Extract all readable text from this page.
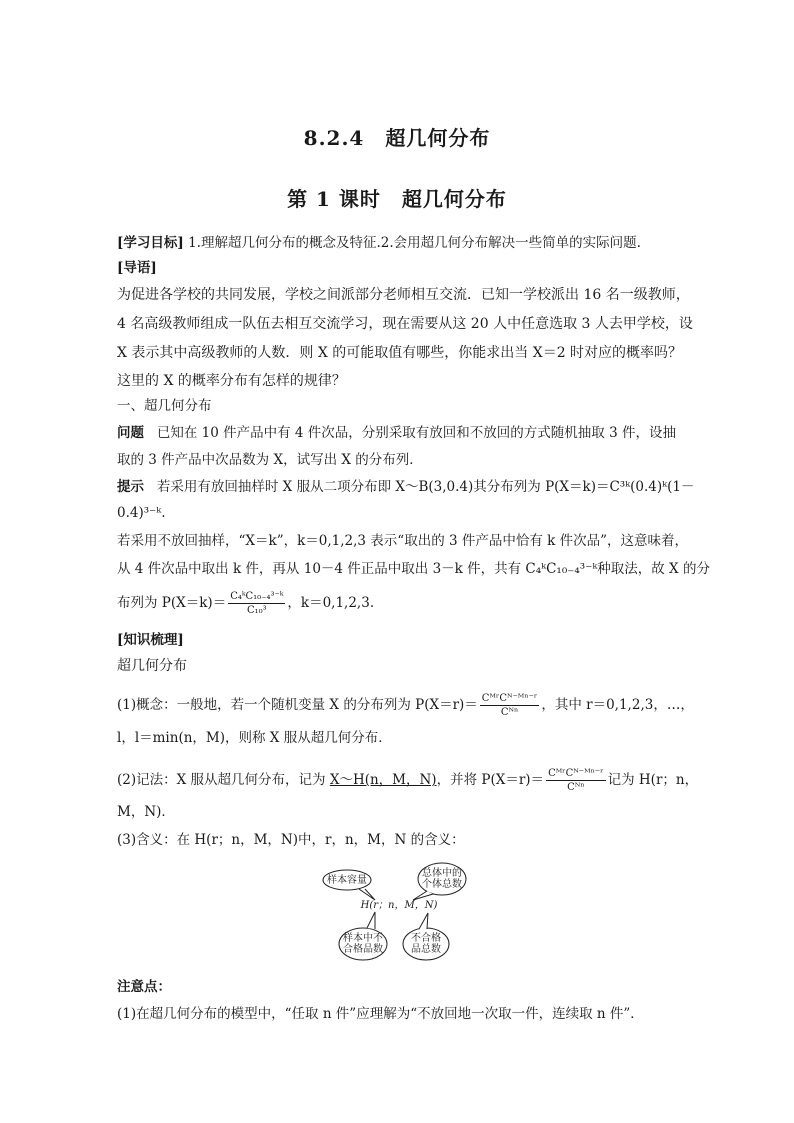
8.2.4　超几何分布
第 1 课时　超几何分布
[学习目标] 1.理解超几何分布的概念及特征.2.会用超几何分布解决一些简单的实际问题.
[导语]
为促进各学校的共同发展，学校之间派部分老师相互交流．已知一学校派出 16 名一级教师，
4 名高级教师组成一队伍去相互交流学习，现在需要从这 20 人中任意选取 3 人去甲学校，设
X 表示其中高级教师的人数．则 X 的可能取值有哪些，你能求出当 X＝2 时对应的概率吗？
这里的 X 的概率分布有怎样的规律？
一、超几何分布
问题 已知在 10 件产品中有 4 件次品，分别采取有放回和不放回的方式随机抽取 3 件，设抽
取的 3 件产品中次品数为 X，试写出 X 的分布列．
提示 若采用有放回抽样时 X 服从二项分布即 X～B(3,0.4)其分布列为 P(X＝k)＝C³ᵏ(0.4)ᵏ(1－
0.4)³⁻ᵏ.
若采用不放回抽样，“X＝k”，k＝0,1,2,3 表示“取出的 3 件产品中恰有 k 件次品”，这意味着，
从 4 件次品中取出 k 件，再从 10－4 件正品中取出 3－k 件，共有 C₄ᵏC₁₀₋₄³⁻ᵏ种取法，故 X 的分
布列为 $P(X=k)= \frac{\text{C₄ᵏC₁₀₋₄³⁻ᵏ}}{\text{C₁₀³}}$ ，k＝0,1,2,3.
[知识梳理]
超几何分布
(1)概念：一般地，若一个随机变量 X 的分布列为 $P(X=r)= \frac{\text{CᴹʳCᴺ⁻ᴹⁿ⁻ʳ}}{\text{Cᴺⁿ}}$ ，其中 r＝0,1,2,3，…，
l，l＝min(n，M)，则称 X 服从超几何分布．
(2)记法：X 服从超几何分布，记为 X～H(n，M，N)，并将 $P(X=r)= \frac{\text{CᴹʳCᴺ⁻ᴹⁿ⁻ʳ}}{\text{Cᴺⁿ}}$ 记为 H(r；n，
M，N)．
(3)含义：在 H(r；n，M，N)中，r，n，M，N 的含义：
样本容量
总体中的
个体总数
H(r；n，M，N)
样本中不
合格品数
不合格
品总数
注意点：
(1)在超几何分布的模型中，“任取 n 件”应理解为“不放回地一次取一件，连续取 n 件”．
